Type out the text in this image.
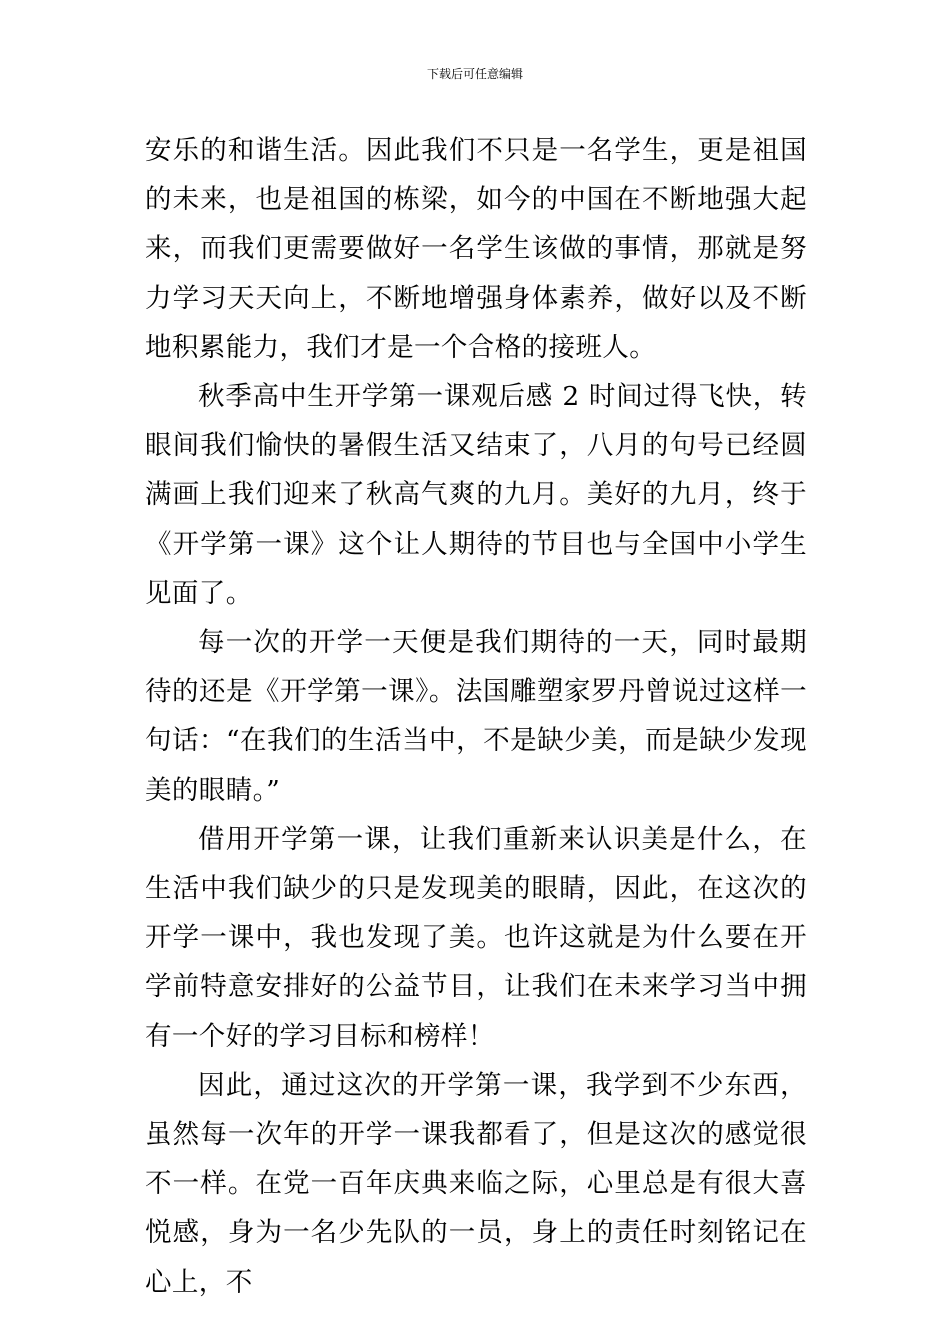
下载后可任意编辑

安乐的和谐生活。因此我们不只是一名学生，更是祖国的未来，也是祖国的栋梁，如今的中国在不断地强大起来，而我们更需要做好一名学生该做的事情，那就是努力学习天天向上，不断地增强身体素养，做好以及不断地积累能力，我们才是一个合格的接班人。

秋季高中生开学第一课观后感 2 时间过得飞快，转眼间我们愉快的暑假生活又结束了，八月的句号已经圆满画上我们迎来了秋高气爽的九月。美好的九月，终于《开学第一课》这个让人期待的节目也与全国中小学生见面了。

每一次的开学一天便是我们期待的一天，同时最期待的还是《开学第一课》。法国雕塑家罗丹曾说过这样一句话：“在我们的生活当中，不是缺少美，而是缺少发现美的眼睛。”

借用开学第一课，让我们重新来认识美是什么，在生活中我们缺少的只是发现美的眼睛，因此，在这次的开学一课中，我也发现了美。也许这就是为什么要在开学前特意安排好的公益节目，让我们在未来学习当中拥有一个好的学习目标和榜样！

因此，通过这次的开学第一课，我学到不少东西，虽然每一次年的开学一课我都看了，但是这次的感觉很不一样。在党一百年庆典来临之际，心里总是有很大喜悦感，身为一名少先队的一员，身上的责任时刻铭记在心上，不
